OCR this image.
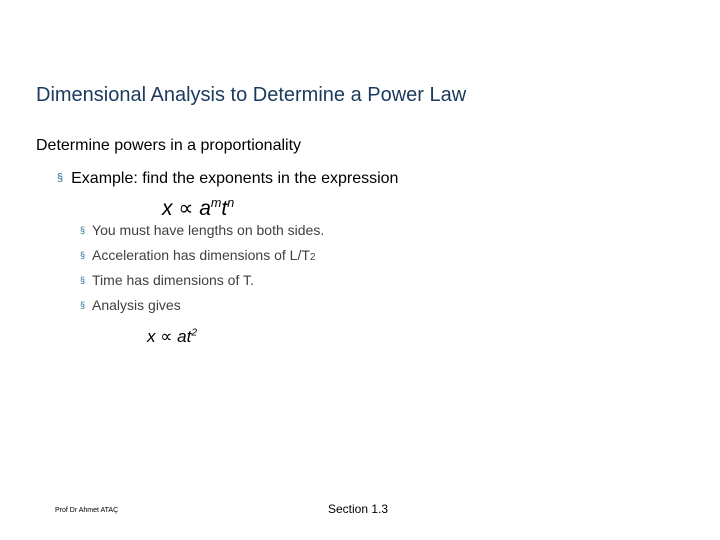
Dimensional Analysis to Determine a Power Law
Determine powers in a proportionality
§ Example: find the exponents in the expression
$x \propto a^mt^n$
§ You must have lengths on both sides.
§ Acceleration has dimensions of L/T 2
§ Time has dimensions of T.
§ Analysis gives
$x \propto at^2$
Prof Dr Ahmet ATAÇ	Section 1.3
